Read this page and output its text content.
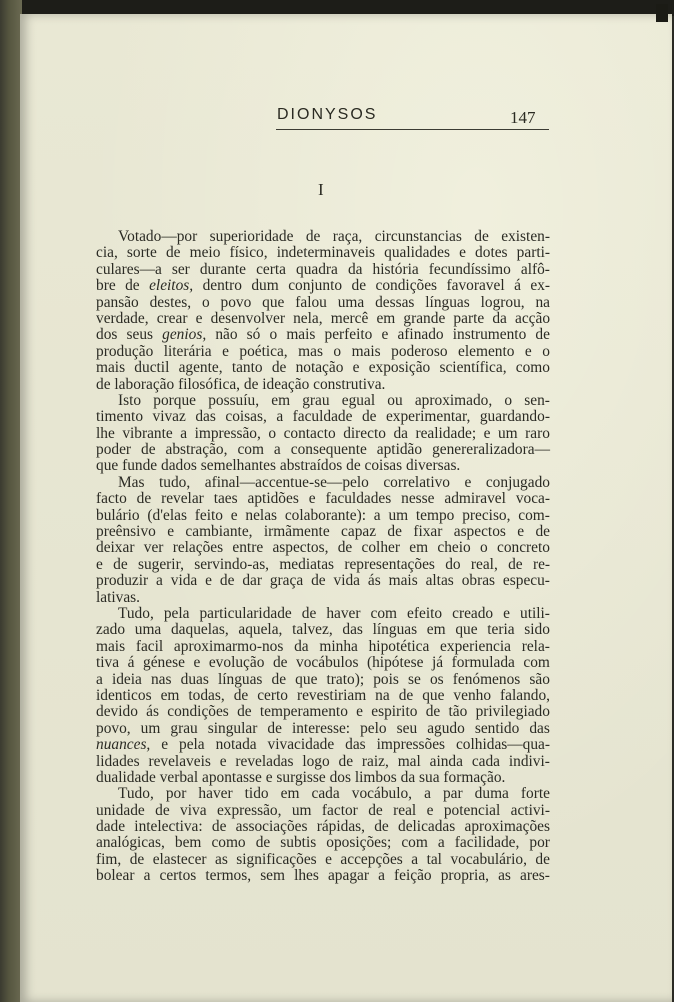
DIONYSOS	147
I
Votado—por superioridade de raça, circunstancias de existen-
cia, sorte de meio físico, indeterminaveis qualidades e dotes parti-
culares—a ser durante certa quadra da história fecundíssimo alfô-
bre de eleitos, dentro dum conjunto de condições favoravel á ex-
pansão destes, o povo que falou uma dessas línguas logrou, na
verdade, crear e desenvolver nela, mercê em grande parte da acção
dos seus genios, não só o mais perfeito e afinado instrumento de
produção literária e poética, mas o mais poderoso elemento e o
mais ductil agente, tanto de notação e exposição scientífica, como
de laboração filosófica, de ideação construtiva.
Isto porque possuíu, em grau egual ou aproximado, o sen-
timento vivaz das coisas, a faculdade de experimentar, guardando-
lhe vibrante a impressão, o contacto directo da realidade; e um raro
poder de abstração, com a consequente aptidão genereralizadora—
que funde dados semelhantes abstraídos de coisas diversas.
Mas tudo, afinal—accentue-se—pelo correlativo e conjugado
facto de revelar taes aptidões e faculdades nesse admiravel voca-
bulário (d'elas feito e nelas colaborante): a um tempo preciso, com-
preênsivo e cambiante, irmãmente capaz de fixar aspectos e de
deixar ver relações entre aspectos, de colher em cheio o concreto
e de sugerir, servindo-as, mediatas representações do real, de re-
produzir a vida e de dar graça de vida ás mais altas obras especu-
lativas.
Tudo, pela particularidade de haver com efeito creado e utili-
zado uma daquelas, aquela, talvez, das línguas em que teria sido
mais facil aproximarmo-nos da minha hipotética experiencia rela-
tiva á génese e evolução de vocábulos (hipótese já formulada com
a ideia nas duas línguas de que trato); pois se os fenómenos são
identicos em todas, de certo revestiriam na de que venho falando,
devido ás condições de temperamento e espirito de tão privilegiado
povo, um grau singular de interesse: pelo seu agudo sentido das
nuances, e pela notada vivacidade das impressões colhidas—qua-
lidades revelaveis e reveladas logo de raiz, mal ainda cada indivi-
dualidade verbal apontasse e surgisse dos limbos da sua formação.
Tudo, por haver tido em cada vocábulo, a par duma forte
unidade de viva expressão, um factor de real e potencial activi-
dade intelectiva: de associações rápidas, de delicadas aproximações
analógicas, bem como de subtis oposições; com a facilidade, por
fim, de elastecer as significações e accepções a tal vocabulário, de
bolear a certos termos, sem lhes apagar a feição propria, as ares-
